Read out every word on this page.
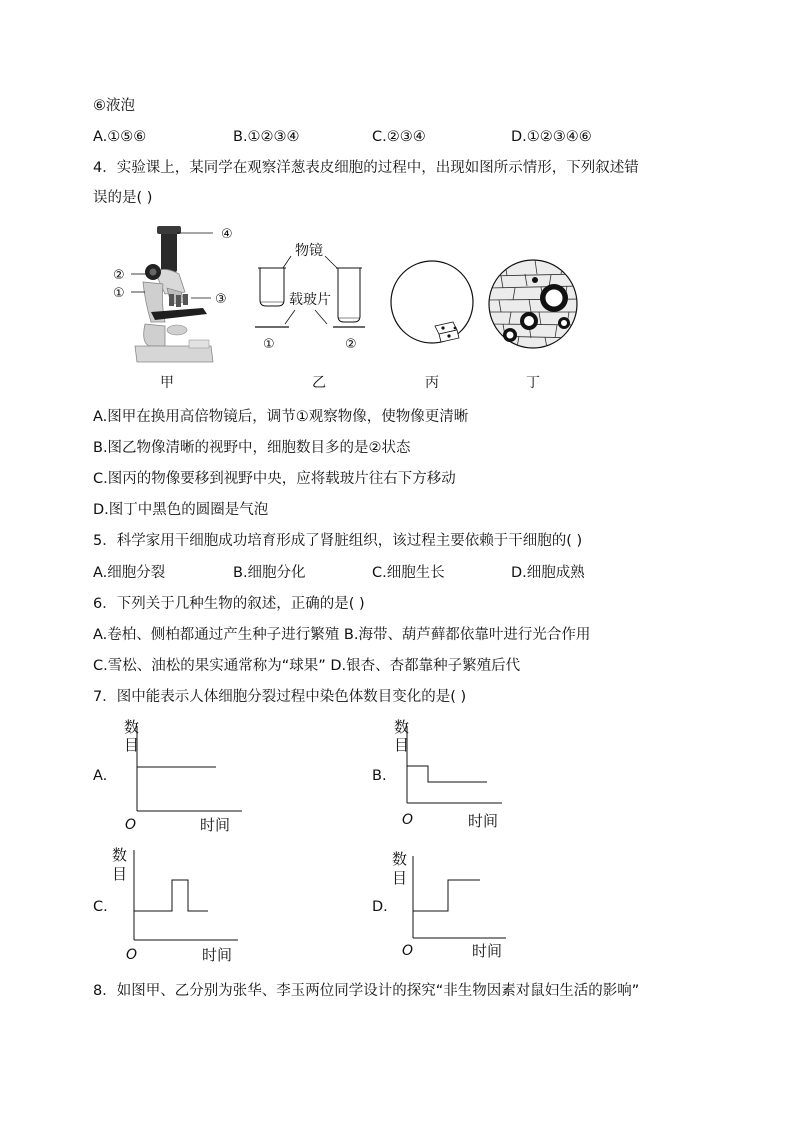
⑥液泡
A.①⑤⑥	B.①②③④	C.②③④	D.①②③④⑥
4．实验课上，某同学在观察洋葱表皮细胞的过程中，出现如图所示情形，下列叙述错
误的是( )
④
②
①	③
物镜
载玻片
①	②
甲	乙	丙	丁
A.图甲在换用高倍物镜后，调节①观察物像，使物像更清晰
B.图乙物像清晰的视野中，细胞数目多的是②状态
C.图丙的物像要移到视野中央，应将载玻片往右下方移动
D.图丁中黑色的圆圈是气泡
5．科学家用干细胞成功培育形成了肾脏组织，该过程主要依赖于干细胞的( )
A.细胞分裂	B.细胞分化	C.细胞生长	D.细胞成熟
6．下列关于几种生物的叙述，正确的是( )
A.卷柏、侧柏都通过产生种子进行繁殖 B.海带、葫芦藓都依靠叶进行光合作用
C.雪松、油松的果实通常称为“球果” D.银杏、杏都靠种子繁殖后代
7．图中能表示人体细胞分裂过程中染色体数目变化的是( )
A.
数
目
O	时间
B.
数
目
O	时间
C.
数
目
O	时间
D.
数
目
O	时间
8．如图甲、乙分别为张华、李玉两位同学设计的探究“非生物因素对鼠妇生活的影响”
